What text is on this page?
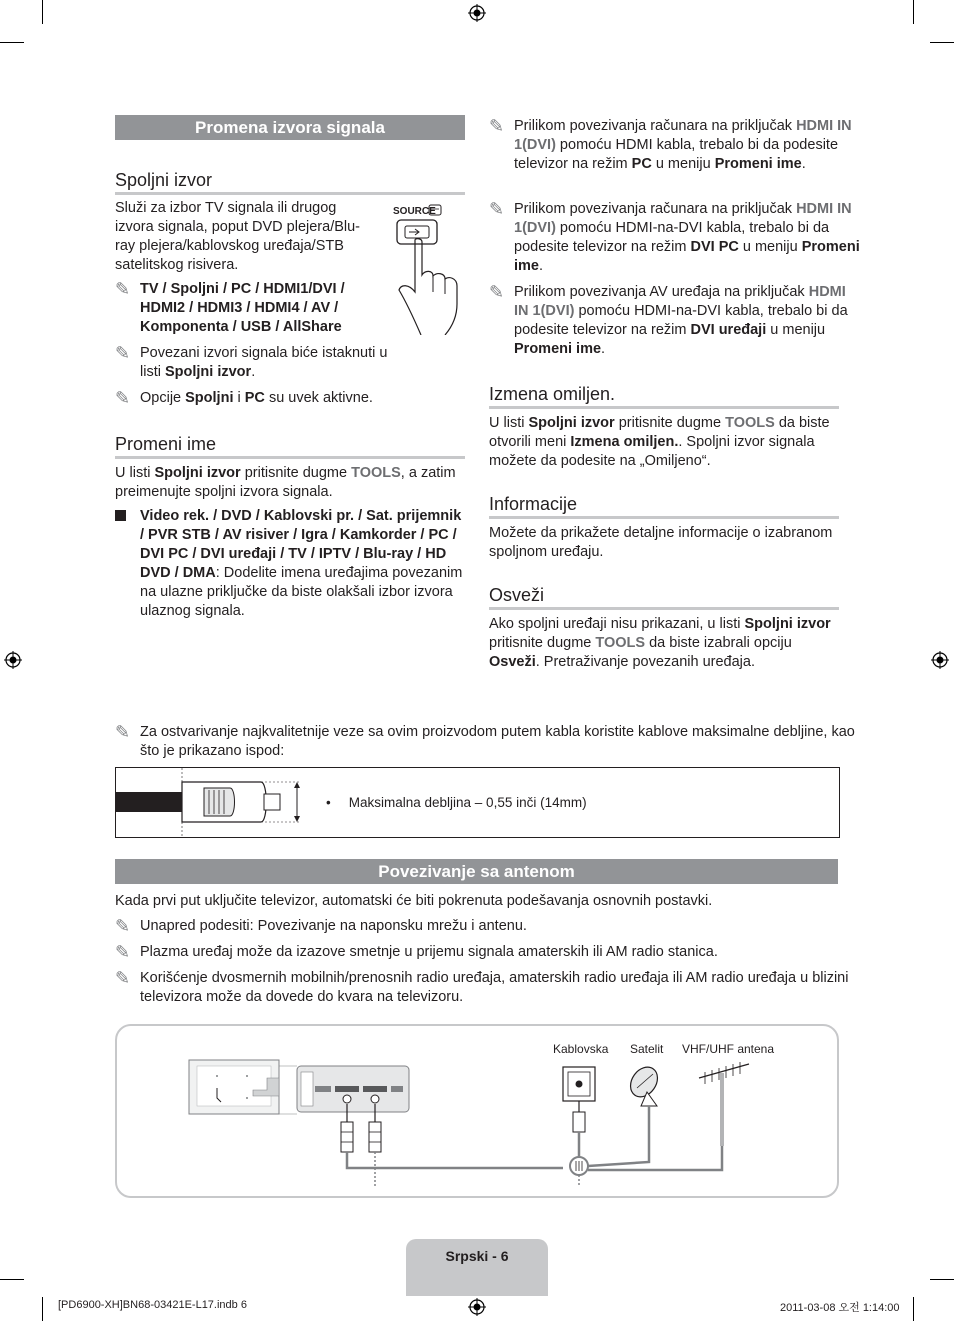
Promena izvora signala
Spoljni izvor

Služi za izbor TV signala ili drugog izvora signala, poput DVD plejera/Blu-ray plejera/kablovskog uređaja/STB satelitskog risivera.

SOURCE
✎ TV / Spoljni / PC / HDMI1/DVI / HDMI2 / HDMI3 / HDMI4 / AV / Komponenta / USB / AllShare
✎ Povezani izvori signala biće istaknuti u listi Spoljni izvor.
✎ Opcije Spoljni i PC su uvek aktivne.
Promeni ime

U listi Spoljni izvor pritisnite dugme TOOLS, a zatim preimenujte spoljni izvora signala.

Video rek. / DVD / Kablovski pr. / Sat. prijemnik / PVR STB / AV risiver / Igra / Kamkorder / PC / DVI PC / DVI uređaji / TV / IPTV / Blu-ray / HD DVD / DMA: Dodelite imena uređajima povezanim na ulazne priključke da biste olakšali izbor izvora ulaznog signala.
✎ Prilikom povezivanja računara na priključak HDMI IN 1(DVI) pomoću HDMI kabla, trebalo bi da podesite televizor na režim PC u meniju Promeni ime.
✎ Prilikom povezivanja računara na priključak HDMI IN 1(DVI) pomoću HDMI-na-DVI kabla, trebalo bi da podesite televizor na režim DVI PC u meniju Promeni ime.
✎ Prilikom povezivanja AV uređaja na priključak HDMI IN 1(DVI) pomoću HDMI-na-DVI kabla, trebalo bi da podesite televizor na režim DVI uređaji u meniju Promeni ime.
Izmena omiljen.

U listi Spoljni izvor pritisnite dugme TOOLS da biste otvorili meni Izmena omiljen.. Spoljni izvor signala možete da podesite na „Omiljeno“.

Informacije

Možete da prikažete detaljne informacije o izabranom spoljnom uređaju.

Osveži

Ako spoljni uređaji nisu prikazani, u listi Spoljni izvor pritisnite dugme TOOLS da biste izabrali opciju Osveži. Pretraživanje povezanih uređaja.

✎ Za ostvarivanje najkvalitetnije veze sa ovim proizvodom putem kabla koristite kablove maksimalne debljine, kao što je prikazano ispod:
• Maksimalna debljina – 0,55 inči (14mm)
Povezivanje sa antenom

Kada prvi put uključite televizor, automatski će biti pokrenuta podešavanja osnovnih postavki.

✎ Unapred podesiti: Povezivanje na naponsku mrežu i antenu.
✎ Plazma uređaj može da izazove smetnje u prijemu signala amaterskih ili AM radio stanica.
✎ Korišćenje dvosmernih mobilnih/prenosnih radio uređaja, amaterskih radio uređaja ili AM radio uređaja u blizini televizora može da dovede do kvara na televizoru.
Kablovska Satelit VHF/UHF antena
Srpski - 6
[PD6900-XH]BN68-03421E-L17.indb 6	2011-03-08 오전 1:14:00
